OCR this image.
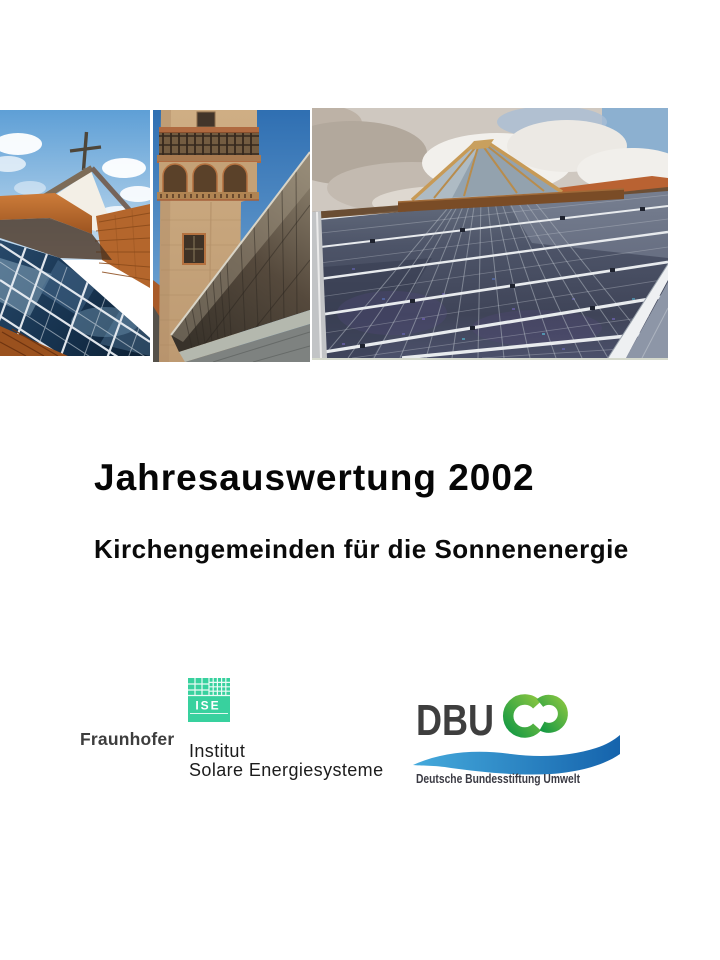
Jahresauswertung 2002
Kirchengemeinden für die Sonnenenergie
Fraunhofer
ISE
Institut
Solare Energiesysteme
DBU
Deutsche Bundesstiftung Umwelt
